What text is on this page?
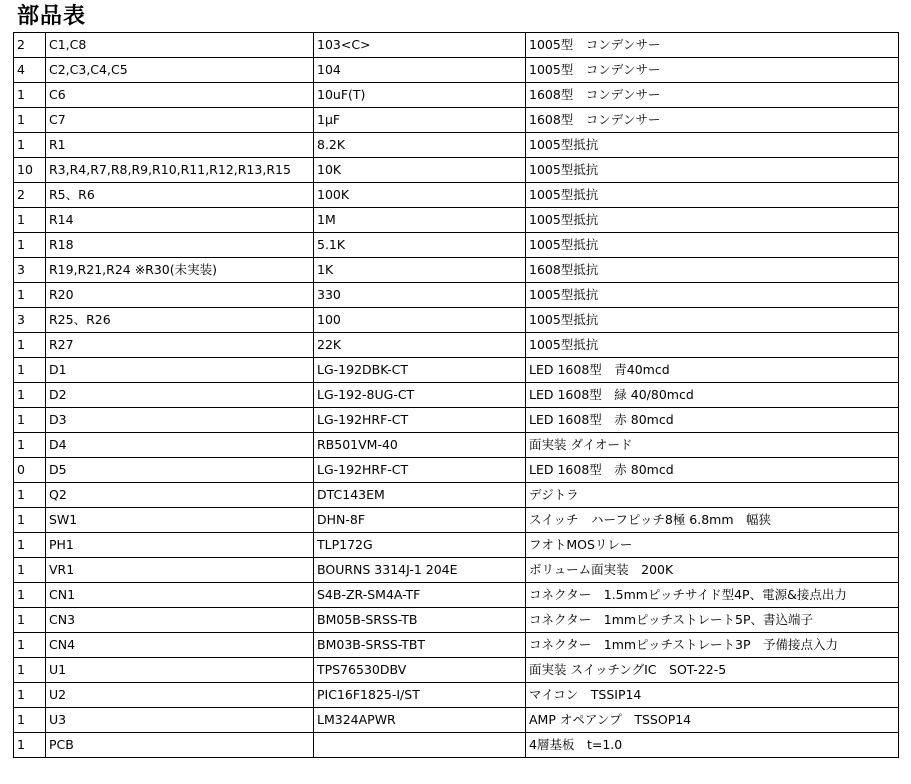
部品表
2	C1,C8	103<C>	1005型　コンデンサー
4	C2,C3,C4,C5	104	1005型　コンデンサー
1	C6	10uF(T)	1608型　コンデンサー
1	C7	1μF	1608型　コンデンサー
1	R1	8.2K	1005型抵抗
10	R3,R4,R7,R8,R9,R10,R11,R12,R13,R15	10K	1005型抵抗
2	R5、R6	100K	1005型抵抗
1	R14	1M	1005型抵抗
1	R18	5.1K	1005型抵抗
3	R19,R21,R24 ※R30(未実装)	1K	1608型抵抗
1	R20	330	1005型抵抗
3	R25、R26	100	1005型抵抗
1	R27	22K	1005型抵抗
1	D1	LG-192DBK-CT	LED 1608型　青40mcd
1	D2	LG-192-8UG-CT	LED 1608型　緑 40/80mcd
1	D3	LG-192HRF-CT	LED 1608型　赤 80mcd
1	D4	RB501VM-40	面実装 ダイオード
0	D5	LG-192HRF-CT	LED 1608型　赤 80mcd
1	Q2	DTC143EM	デジトラ
1	SW1	DHN-8F	スイッチ　ハーフピッチ8極 6.8mm　幅狭
1	PH1	TLP172G	フオトMOSリレー
1	VR1	BOURNS 3314J-1 204E	ボリューム面実装　200K
1	CN1	S4B-ZR-SM4A-TF	コネクター　1.5mmピッチサイド型4P、電源&接点出力
1	CN3	BM05B-SRSS-TB	コネクター　1mmピッチストレート5P、書込端子
1	CN4	BM03B-SRSS-TBT	コネクター　1mmピッチストレート3P　予備接点入力
1	U1	TPS76530DBV	面実装 スイッチングIC　SOT-22-5
1	U2	PIC16F1825-I/ST	マイコン　TSSIP14
1	U3	LM324APWR	AMP オペアンプ　TSSOP14
1	PCB		4層基板　t=1.0
